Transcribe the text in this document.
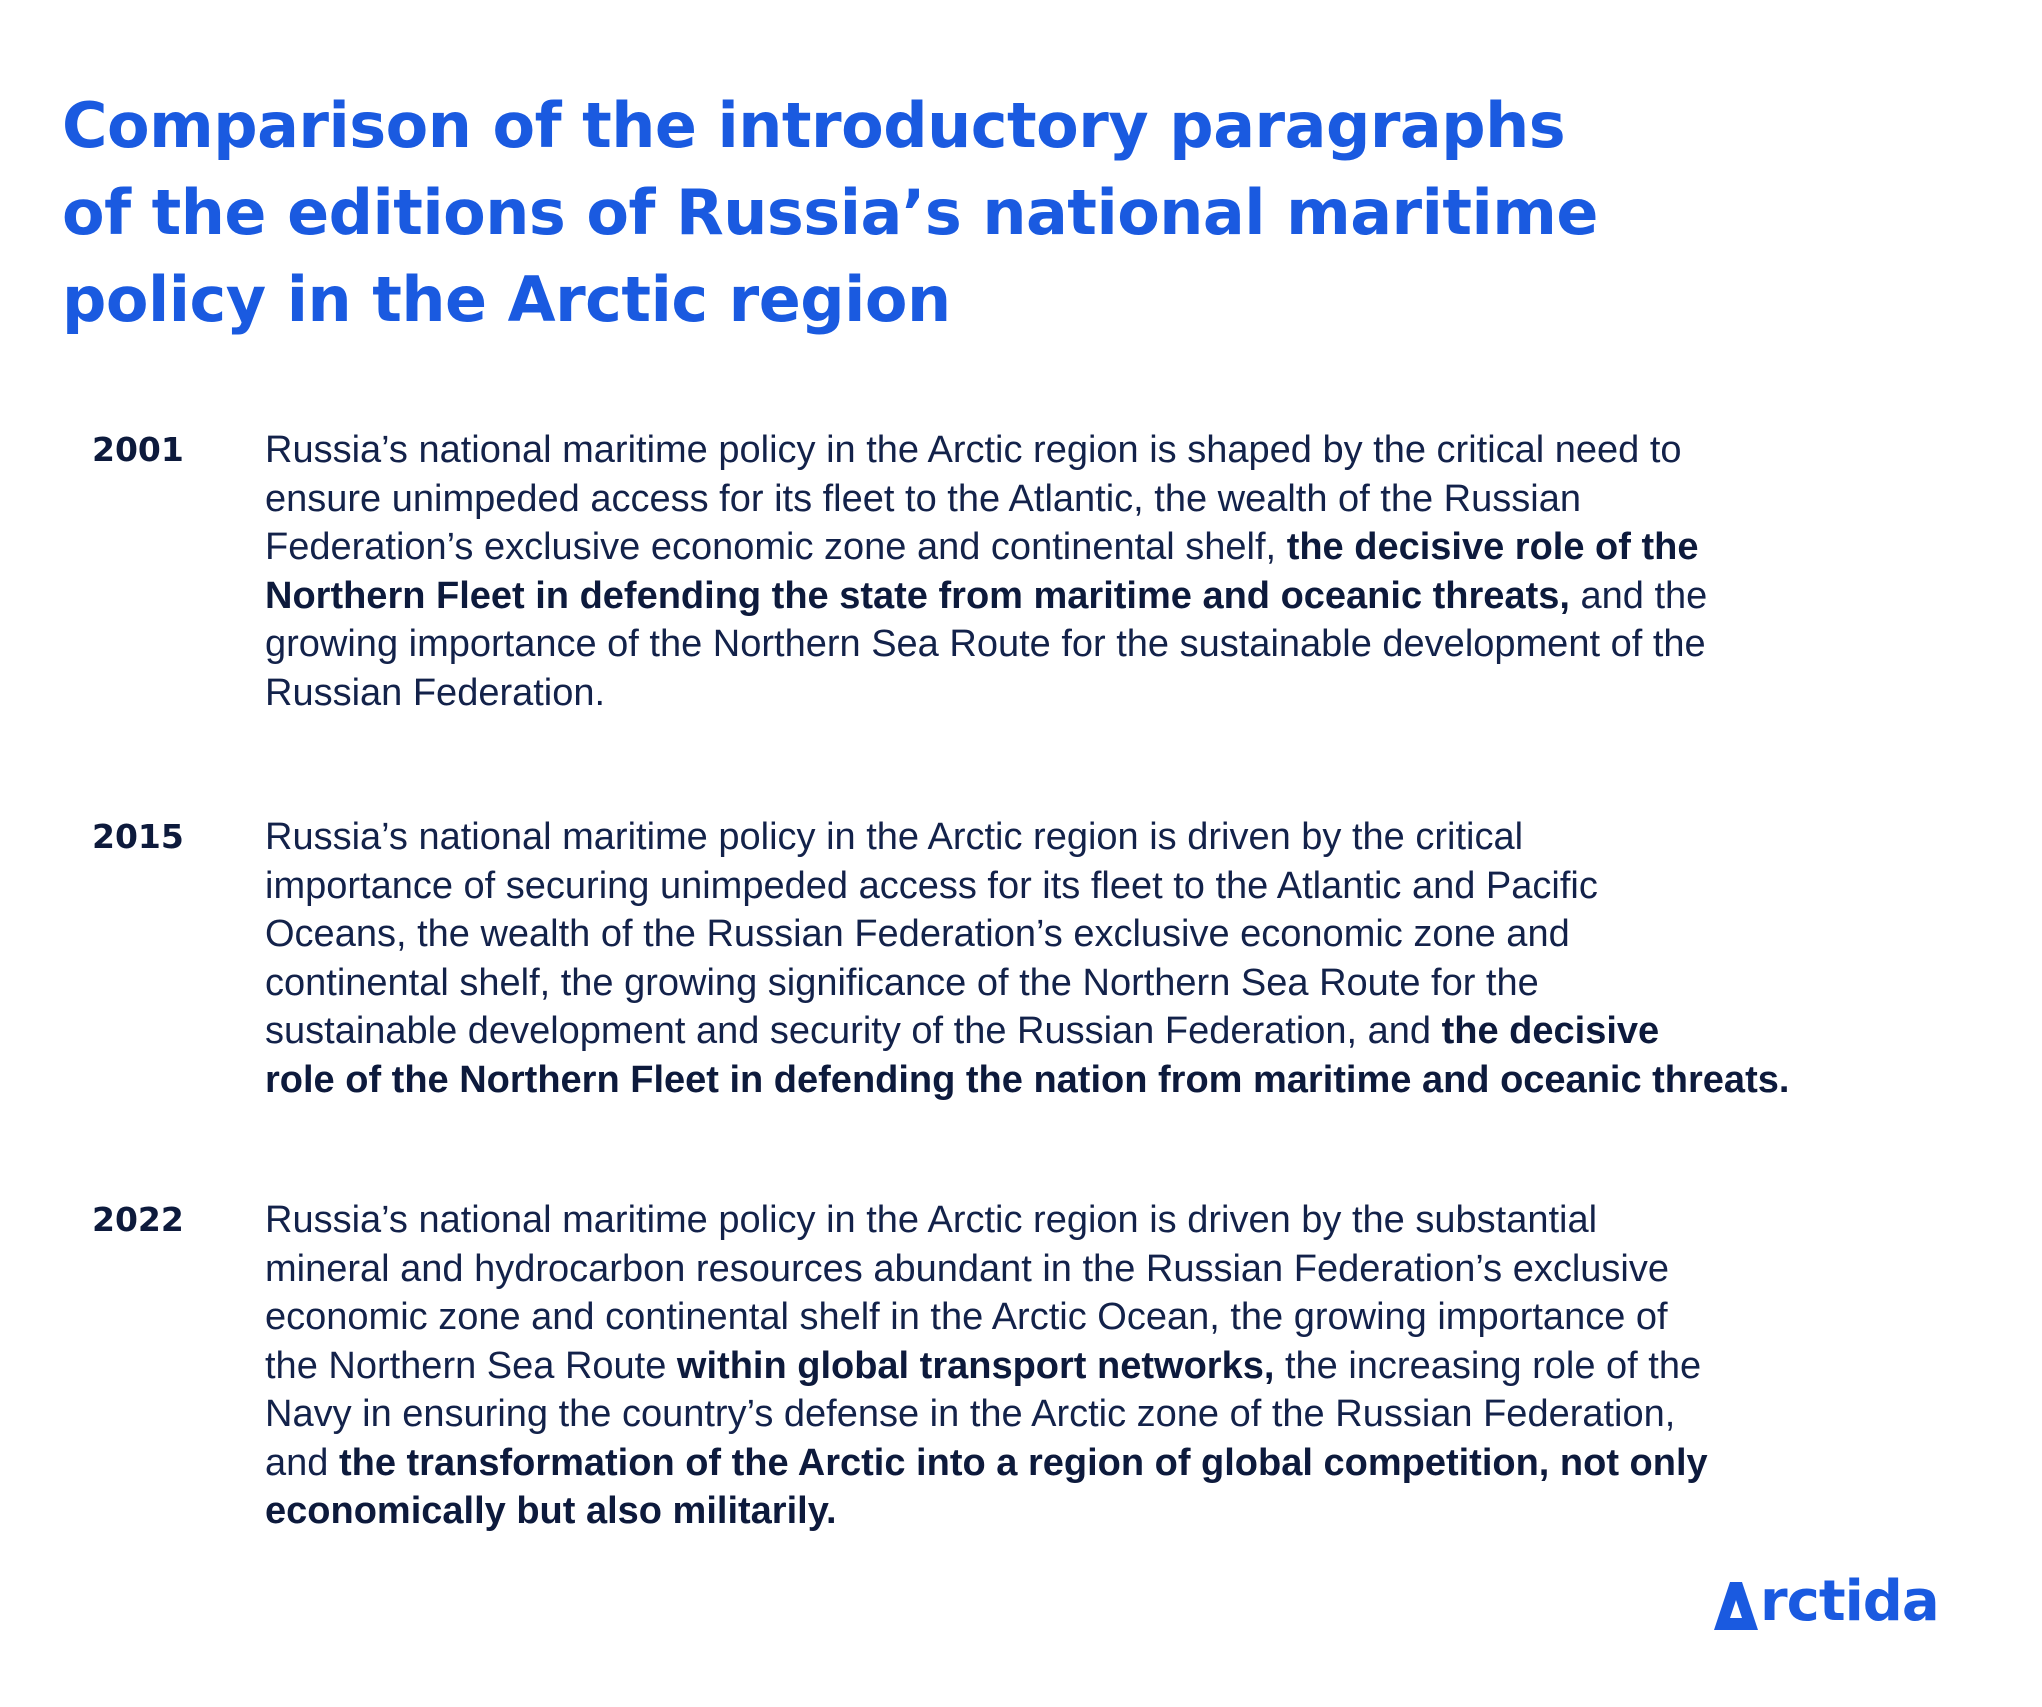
Comparison of the introductory paragraphs
of the editions of Russia’s national maritime
policy in the Arctic region
2001 Russia’s national maritime policy in the Arctic region is shaped by the critical need to
ensure unimpeded access for its fleet to the Atlantic, the wealth of the Russian
Federation’s exclusive economic zone and continental shelf, the decisive role of the
Northern Fleet in defending the state from maritime and oceanic threats, and the
growing importance of the Northern Sea Route for the sustainable development of the
Russian Federation.

2015 Russia’s national maritime policy in the Arctic region is driven by the critical
importance of securing unimpeded access for its fleet to the Atlantic and Pacific
Oceans, the wealth of the Russian Federation’s exclusive economic zone and
continental shelf, the growing significance of the Northern Sea Route for the
sustainable development and security of the Russian Federation, and the decisive
role of the Northern Fleet in defending the nation from maritime and oceanic threats.

2022 Russia’s national maritime policy in the Arctic region is driven by the substantial
mineral and hydrocarbon resources abundant in the Russian Federation’s exclusive
economic zone and continental shelf in the Arctic Ocean, the growing importance of
the Northern Sea Route within global transport networks, the increasing role of the
Navy in ensuring the country’s defense in the Arctic zone of the Russian Federation,
and the transformation of the Arctic into a region of global competition, not only
economically but also militarily.

rctida
